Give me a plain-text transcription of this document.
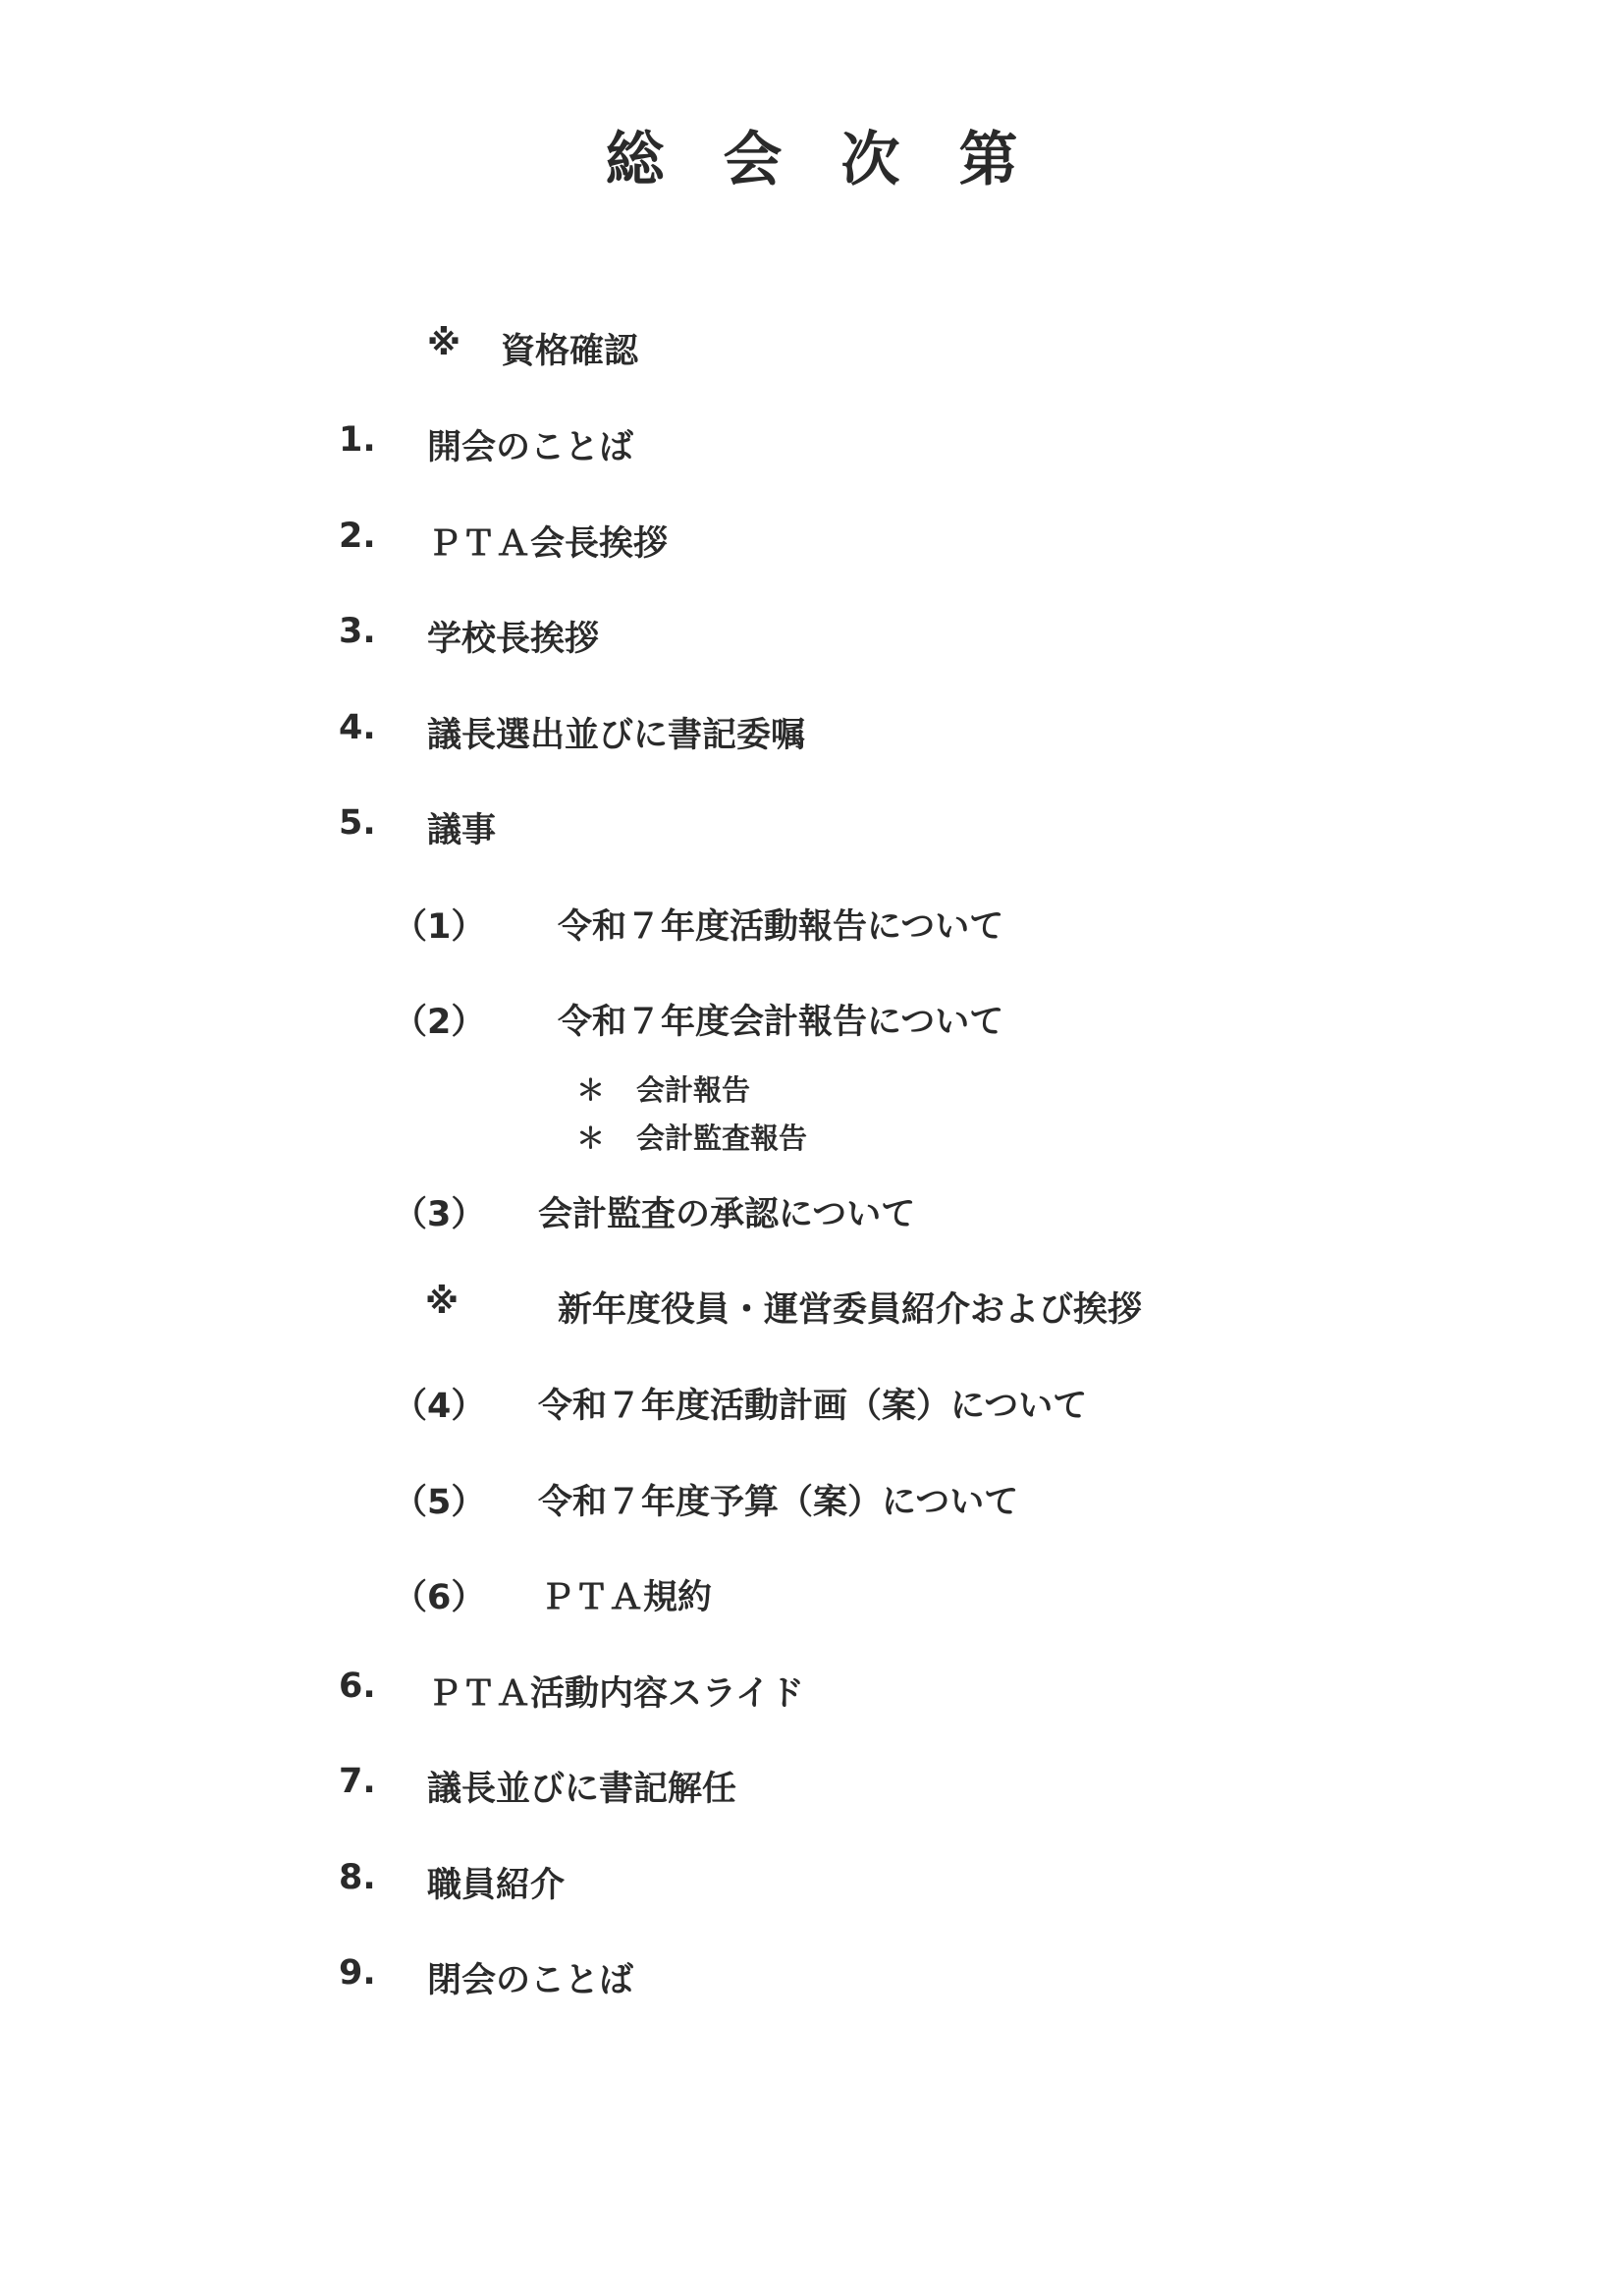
総　会　次　第
※ 資格確認
1. 開会のことば
2. ＰＴＡ会長挨拶
3. 学校長挨拶
4. 議長選出並びに書記委嘱
5. 議事
（1） 令和７年度活動報告について
（2） 令和７年度会計報告について
＊ 会計報告
＊ 会計監査報告
（3） 会計監査の承認について
※	新年度役員・運営委員紹介および挨拶
（4） 令和７年度活動計画（案）について
（5） 令和７年度予算（案）について
（6） ＰＴＡ規約
6. ＰＴＡ活動内容スライド
7. 議長並びに書記解任
8. 職員紹介
9. 閉会のことば
